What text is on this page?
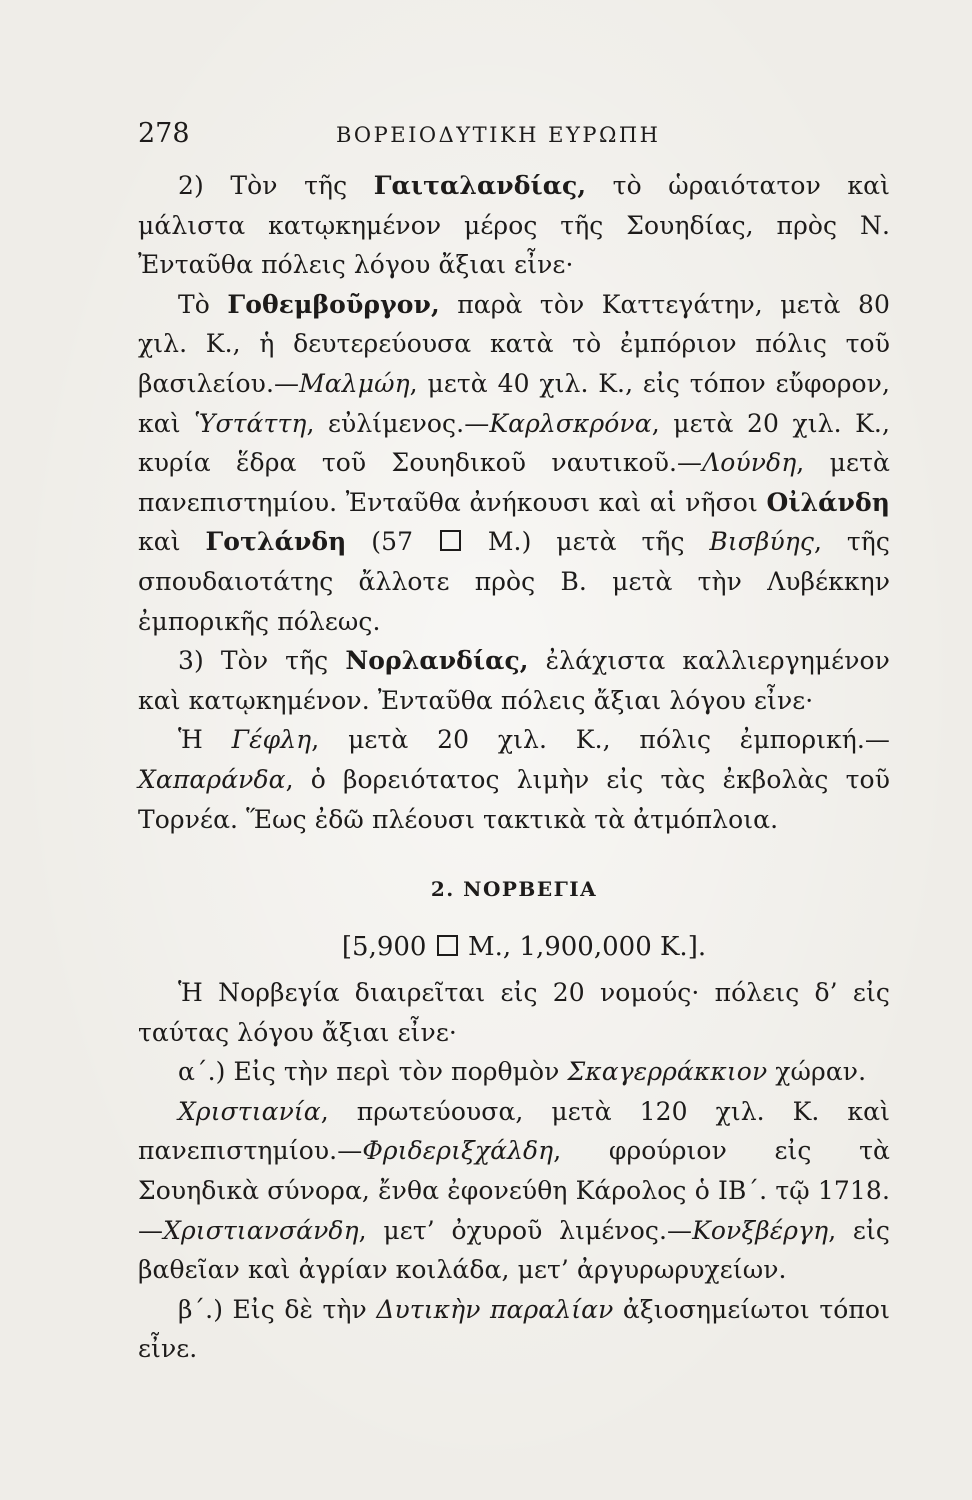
278	ΒΟΡΕΙΟΔΥΤΙΚΗ ΕΥΡΩΠΗ

2) Τὸν τῆς Γαιταλανδίας, τὸ ὡραιότατον καὶ μάλιστα κατῳκημένον μέρος τῆς Σουηδίας, πρὸς Ν. Ἐνταῦθα πόλεις λόγου ἄξιαι εἶνε·

Τὸ Γοθεμβοῦργον, παρὰ τὸν Καττεγάτην, μετὰ 80 χιλ. Κ., ἡ δευτερεύουσα κατὰ τὸ ἐμπόριον πόλις τοῦ βασιλείου.—Μαλμώη, μετὰ 40 χιλ. Κ., εἰς τόπον εὔφορον, καὶ Ὑστάττη, εὐλίμενος.—Καρλσκρόνα, μετὰ 20 χιλ. Κ., κυρία ἕδρα τοῦ Σουηδικοῦ ναυτικοῦ.—Λούνδη, μετὰ πανεπιστημίου. Ἐνταῦθα ἀνήκουσι καὶ αἱ νῆσοι Οἰλάνδη καὶ Γοτλάνδη (57  Μ.) μετὰ τῆς Βισβύης, τῆς σπουδαιοτάτης ἄλλοτε πρὸς Β. μετὰ τὴν Λυβέκκην ἐμπορικῆς πόλεως.

3) Τὸν τῆς Νορλανδίας, ἐλάχιστα καλλιεργημένον καὶ κατῳκημένον. Ἐνταῦθα πόλεις ἄξιαι λόγου εἶνε·

Ἡ Γέφλη, μετὰ 20 χιλ. Κ., πόλις ἐμπορική.—Χαπαράνδα, ὁ βορειότατος λιμὴν εἰς τὰς ἐκβολὰς τοῦ Τορνέα. Ἕως ἐδῶ πλέουσι τακτικὰ τὰ ἀτμόπλοια.

2. ΝΟΡΒΕΓΙΑ
[5,900  Μ., 1,900,000 Κ.].

Ἡ Νορβεγία διαιρεῖται εἰς 20 νομούς· πόλεις δ’ εἰς ταύτας λόγου ἄξιαι εἶνε·

α΄.) Εἰς τὴν περὶ τὸν πορθμὸν Σκαγερράκκιον χώραν.

Χριστιανία, πρωτεύουσα, μετὰ 120 χιλ. Κ. καὶ πανεπιστημίου.—Φριδεριξχάλδη, φρούριον εἰς τὰ Σουηδικὰ σύνορα, ἔνθα ἐφονεύθη Κάρολος ὁ ΙΒ΄. τῷ 1718.—Χριστιανσάνδη, μετ’ ὀχυροῦ λιμένος.—Κονξβέργη, εἰς βαθεῖαν καὶ ἀγρίαν κοιλάδα, μετ’ ἀργυρωρυχείων.

β΄.) Εἰς δὲ τὴν Δυτικὴν παραλίαν ἀξιοσημείωτοι τόποι εἶνε.
